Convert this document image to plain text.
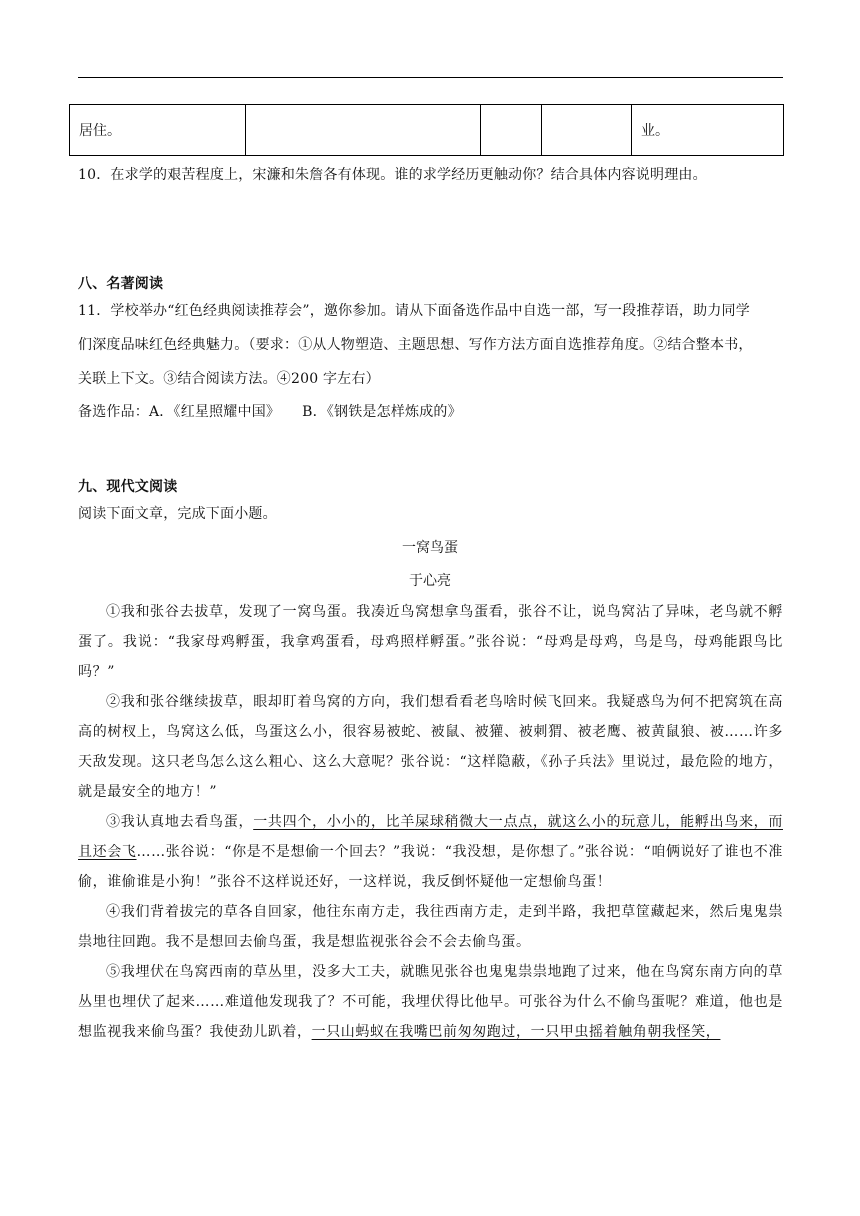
居住。				业。
10．在求学的艰苦程度上，宋濂和朱詹各有体现。谁的求学经历更触动你？结合具体内容说明理由。
八、名著阅读
11．学校举办“红色经典阅读推荐会”，邀你参加。请从下面备选作品中自选一部，写一段推荐语，助力同学
们深度品味红色经典魅力。（要求：①从人物塑造、主题思想、写作方法方面自选推荐角度。②结合整本书，
关联上下文。③结合阅读方法。④200 字左右）
备选作品：A．《红星照耀中国》 B．《钢铁是怎样炼成的》
九、现代文阅读
阅读下面文章，完成下面小题。
一窝鸟蛋
于心亮

①我和张谷去拔草，发现了一窝鸟蛋。我凑近鸟窝想拿鸟蛋看，张谷不让，说鸟窝沾了异味，老鸟就不孵蛋了。我说：“我家母鸡孵蛋，我拿鸡蛋看，母鸡照样孵蛋。”张谷说：“母鸡是母鸡，鸟是鸟，母鸡能跟鸟比吗？”

②我和张谷继续拔草，眼却盯着鸟窝的方向，我们想看看老鸟啥时候飞回来。我疑惑鸟为何不把窝筑在高高的树杈上，鸟窝这么低，鸟蛋这么小，很容易被蛇、被鼠、被獾、被刺猬、被老鹰、被黄鼠狼、被……许多天敌发现。这只老鸟怎么这么粗心、这么大意呢？张谷说：“这样隐蔽，《孙子兵法》里说过，最危险的地方，就是最安全的地方！”

③我认真地去看鸟蛋，一共四个，小小的，比羊屎球稍微大一点点，就这么小的玩意儿，能孵出鸟来，而且还会飞……张谷说：“你是不是想偷一个回去？”我说：“我没想，是你想了。”张谷说：“咱俩说好了谁也不准偷，谁偷谁是小狗！”张谷不这样说还好，一这样说，我反倒怀疑他一定想偷鸟蛋！

④我们背着拔完的草各自回家，他往东南方走，我往西南方走，走到半路，我把草筐藏起来，然后鬼鬼祟祟地往回跑。我不是想回去偷鸟蛋，我是想监视张谷会不会去偷鸟蛋。

⑤我埋伏在鸟窝西南的草丛里，没多大工夫，就瞧见张谷也鬼鬼祟祟地跑了过来，他在鸟窝东南方向的草丛里也埋伏了起来……难道他发现我了？不可能，我埋伏得比他早。可张谷为什么不偷鸟蛋呢？难道，他也是想监视我来偷鸟蛋？我使劲儿趴着，一只山蚂蚁在我嘴巴前匆匆跑过，一只甲虫摇着触角朝我怪笑，
